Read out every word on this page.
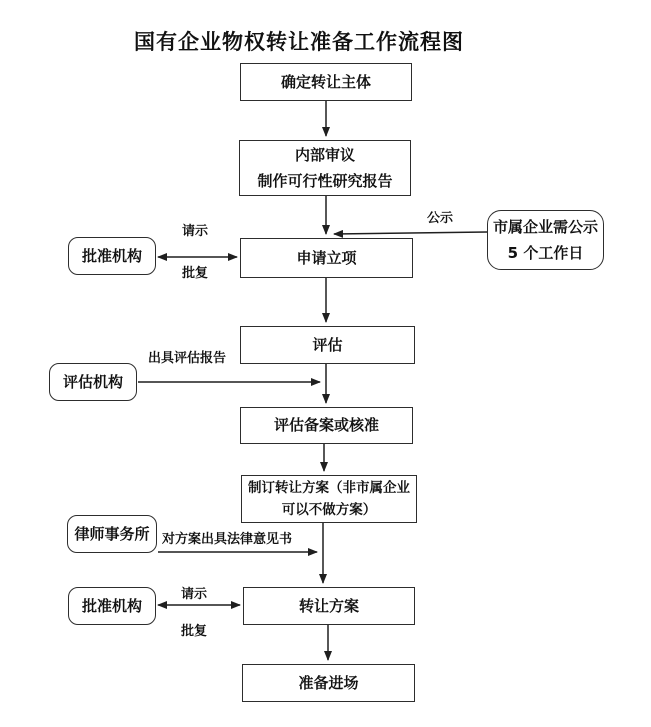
国有企业物权转让准备工作流程图
确定转让主体
内部审议
制作可行性研究报告
申请立项
评估
评估备案或核准
制订转让方案（非市属企业
可以不做方案）
转让方案
准备进场
批准机构
市属企业需公示
5 个工作日
评估机构
律师事务所
批准机构
请示
批复
公示
出具评估报告
对方案出具法律意见书
请示
批复
